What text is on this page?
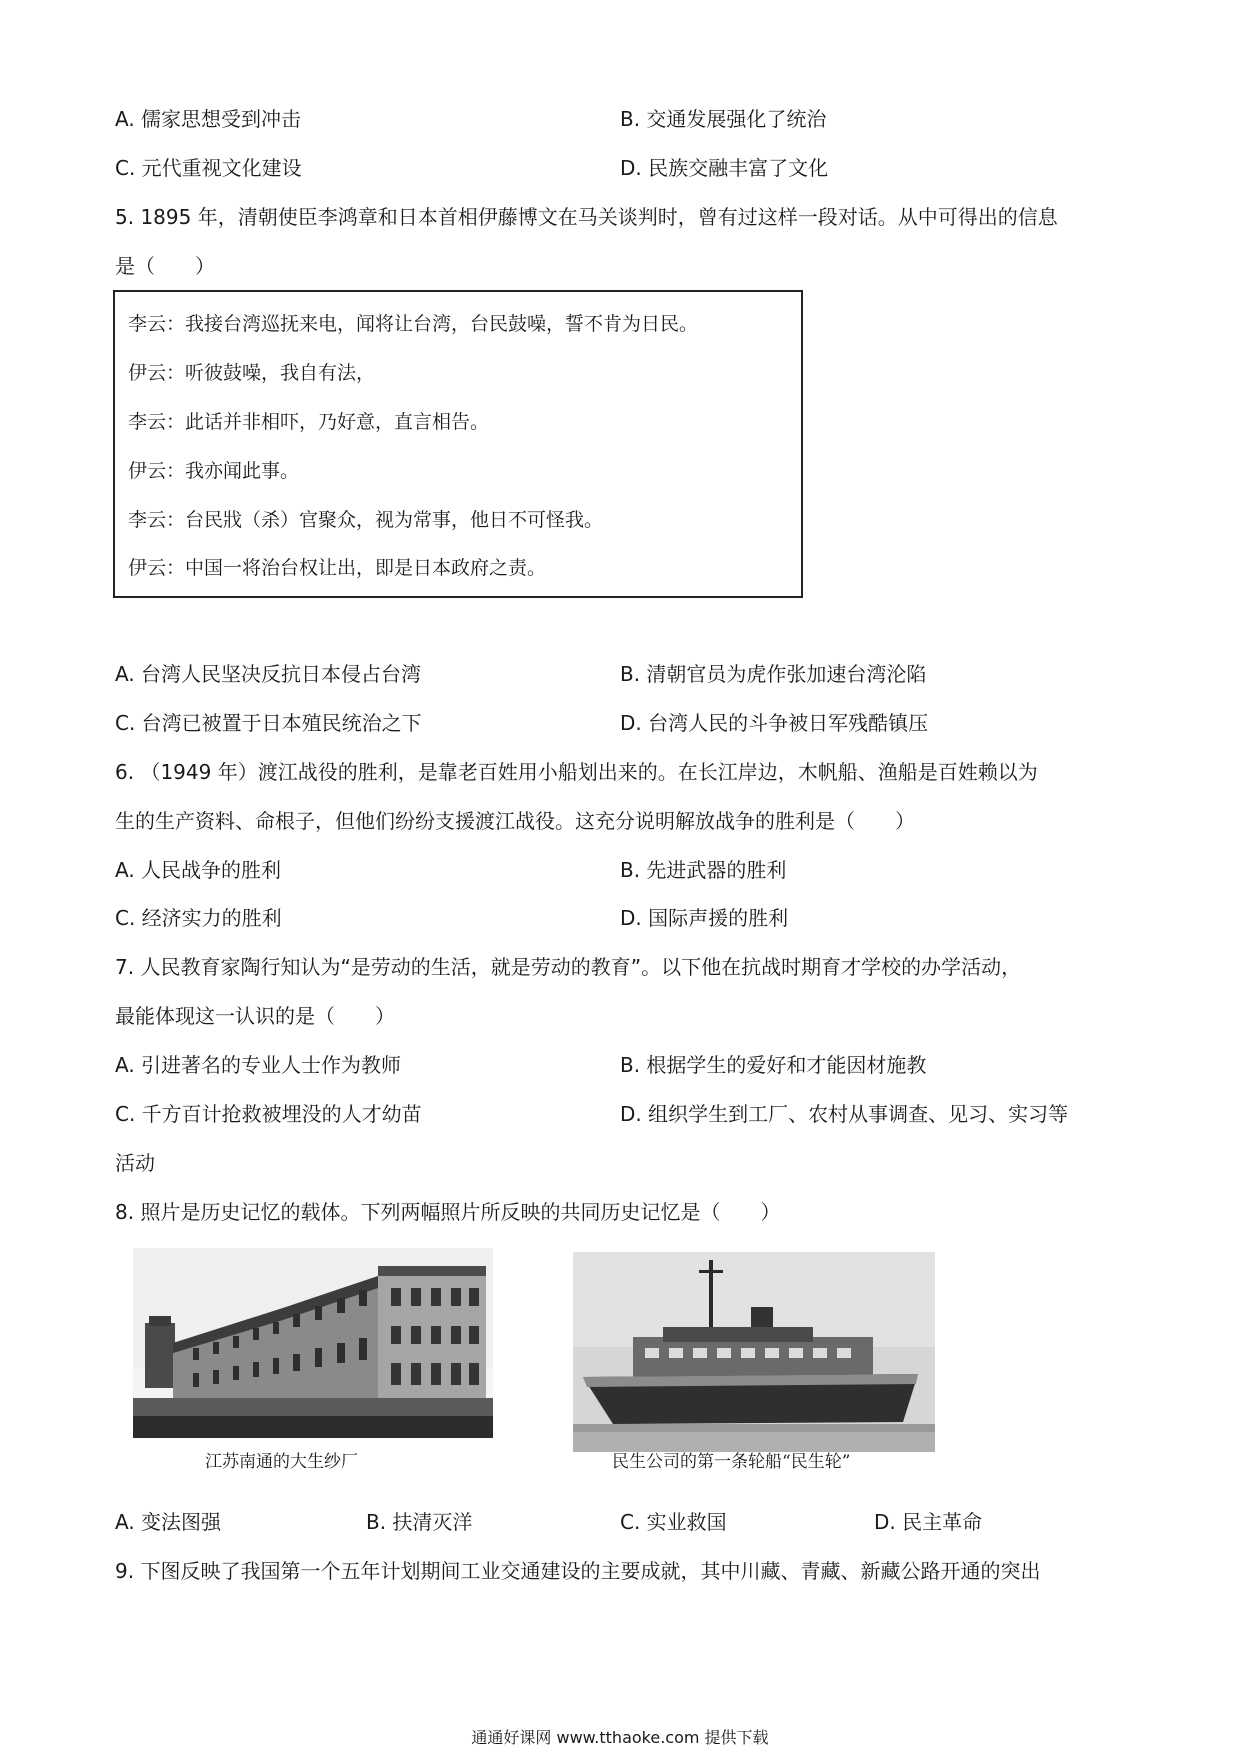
A. 儒家思想受到冲击	B. 交通发展强化了统治
C. 元代重视文化建设	D. 民族交融丰富了文化
5. 1895 年，清朝使臣李鸿章和日本首相伊藤博文在马关谈判时，曾有过这样一段对话。从中可得出的信息
是（　　）
李云：我接台湾巡抚来电，闻将让台湾，台民鼓噪，誓不肯为日民。
伊云：听彼鼓噪，我自有法，
李云：此话并非相吓，乃好意，直言相告。
伊云：我亦闻此事。
李云：台民戕（杀）官聚众，视为常事，他日不可怪我。
伊云：中国一将治台权让出，即是日本政府之责。
A. 台湾人民坚决反抗日本侵占台湾	B. 清朝官员为虎作张加速台湾沦陷
C. 台湾已被置于日本殖民统治之下	D. 台湾人民的斗争被日军残酷镇压
6. （1949 年）渡江战役的胜利，是靠老百姓用小船划出来的。在长江岸边，木帆船、渔船是百姓赖以为
生的生产资料、命根子，但他们纷纷支援渡江战役。这充分说明解放战争的胜利是（　　）
A. 人民战争的胜利	B. 先进武器的胜利
C. 经济实力的胜利	D. 国际声援的胜利
7. 人民教育家陶行知认为“是劳动的生活，就是劳动的教育”。以下他在抗战时期育才学校的办学活动，
最能体现这一认识的是（　　）
A. 引进著名的专业人士作为教师	B. 根据学生的爱好和才能因材施教
C. 千方百计抢救被埋没的人才幼苗	D. 组织学生到工厂、农村从事调查、见习、实习等
活动
8. 照片是历史记忆的载体。下列两幅照片所反映的共同历史记忆是（　　）
江苏南通的大生纱厂	民生公司的第一条轮船“民生轮”
A. 变法图强	B. 扶清灭洋	C. 实业救国	D. 民主革命
9. 下图反映了我国第一个五年计划期间工业交通建设的主要成就，其中川藏、青藏、新藏公路开通的突出
通通好课网 www.tthaoke.com 提供下载
